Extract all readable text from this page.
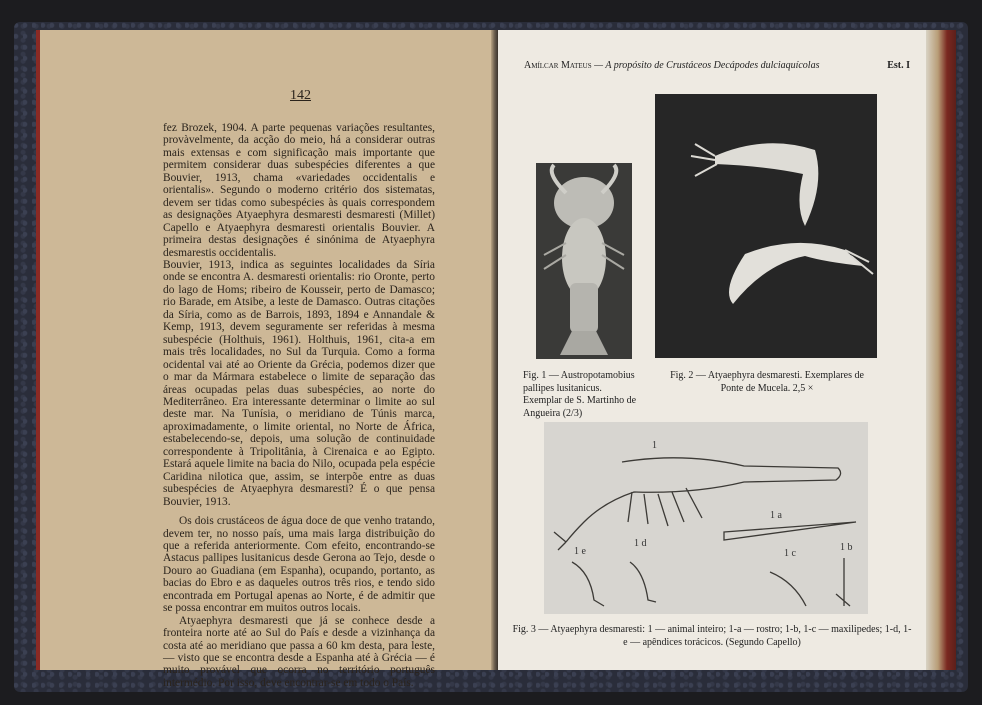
142

fez Brozek, 1904. A parte pequenas variações resultantes, provàvelmente, da acção do meio, há a considerar outras mais extensas e com significação mais importante que permitem considerar duas subespécies diferentes a que Bouvier, 1913, chama «variedades occidentalis e orientalis». Segundo o moderno critério dos sistematas, devem ser tidas como subespécies às quais correspondem as designações Atyaephyra desmaresti desmaresti (Millet) Capello e Atyaephyra desmaresti orientalis Bouvier. A primeira destas designações é sinónima de Atyaephyra desmarestis occidentalis.

Bouvier, 1913, indica as seguintes localidades da Síria onde se encontra A. desmaresti orientalis: rio Oronte, perto do lago de Homs; ribeiro de Kousseir, perto de Damasco; rio Barade, em Atsibe, a leste de Damasco. Outras citações da Síria, como as de Barrois, 1893, 1894 e Annandale & Kemp, 1913, devem seguramente ser referidas à mesma subespécie (Holthuis, 1961). Holthuis, 1961, cita-a em mais três localidades, no Sul da Turquia. Como a forma ocidental vai até ao Oriente da Grécia, podemos dizer que o mar da Mármara estabelece o limite de separação das áreas ocupadas pelas duas subespécies, ao norte do Mediterrâneo. Era interessante determinar o limite ao sul deste mar. Na Tunísia, o meridiano de Túnis marca, aproximadamente, o limite oriental, no Norte de África, estabelecendo-se, depois, uma solução de continuidade correspondente à Tripolitânia, à Cirenaica e ao Egipto. Estará aquele limite na bacia do Nilo, ocupada pela espécie Caridina nilotica que, assim, se interpõe entre as duas subespécies de Atyaephyra desmaresti? É o que pensa Bouvier, 1913.

Os dois crustáceos de água doce de que venho tratando, devem ter, no nosso país, uma mais larga distribuição do que a referida anteriormente. Com efeito, encontrando-se Astacus pallipes lusitanicus desde Gerona ao Tejo, desde o Douro ao Guadiana (em Espanha), ocupando, portanto, as bacias do Ebro e as daqueles outros três rios, e tendo sido encontrada em Portugal apenas ao Norte, é de admitir que se possa encontrar em muitos outros locais.

Atyaephyra desmaresti que já se conhece desde a fronteira norte até ao Sul do País e desde a vizinhança da costa até ao meridiano que passa a 60 km desta, para leste, — visto que se encontra desde a Espanha até à Grécia — é muito provável que ocorra no território português intermédio. Por isso, deve encontrar-se em todo o País.

Amílcar Mateus — A propósito de Crustáceos Decápodes dulciaquícolas	Est. I
Fig. 1 — Austropotamobius pallipes lusitanicus. Exemplar de S. Martinho de Angueira (2/3)
Fig. 2 — Atyaephyra desmaresti. Exemplares de Ponte de Mucela. 2,5 ×
1
1 a
1 e
1 d
1 c
1 b
Fig. 3 — Atyaephyra desmaresti: 1 — animal inteiro; 1-a — rostro; 1-b, 1-c — maxilipedes; 1-d, 1-e — apêndices torácicos. (Segundo Capello)
